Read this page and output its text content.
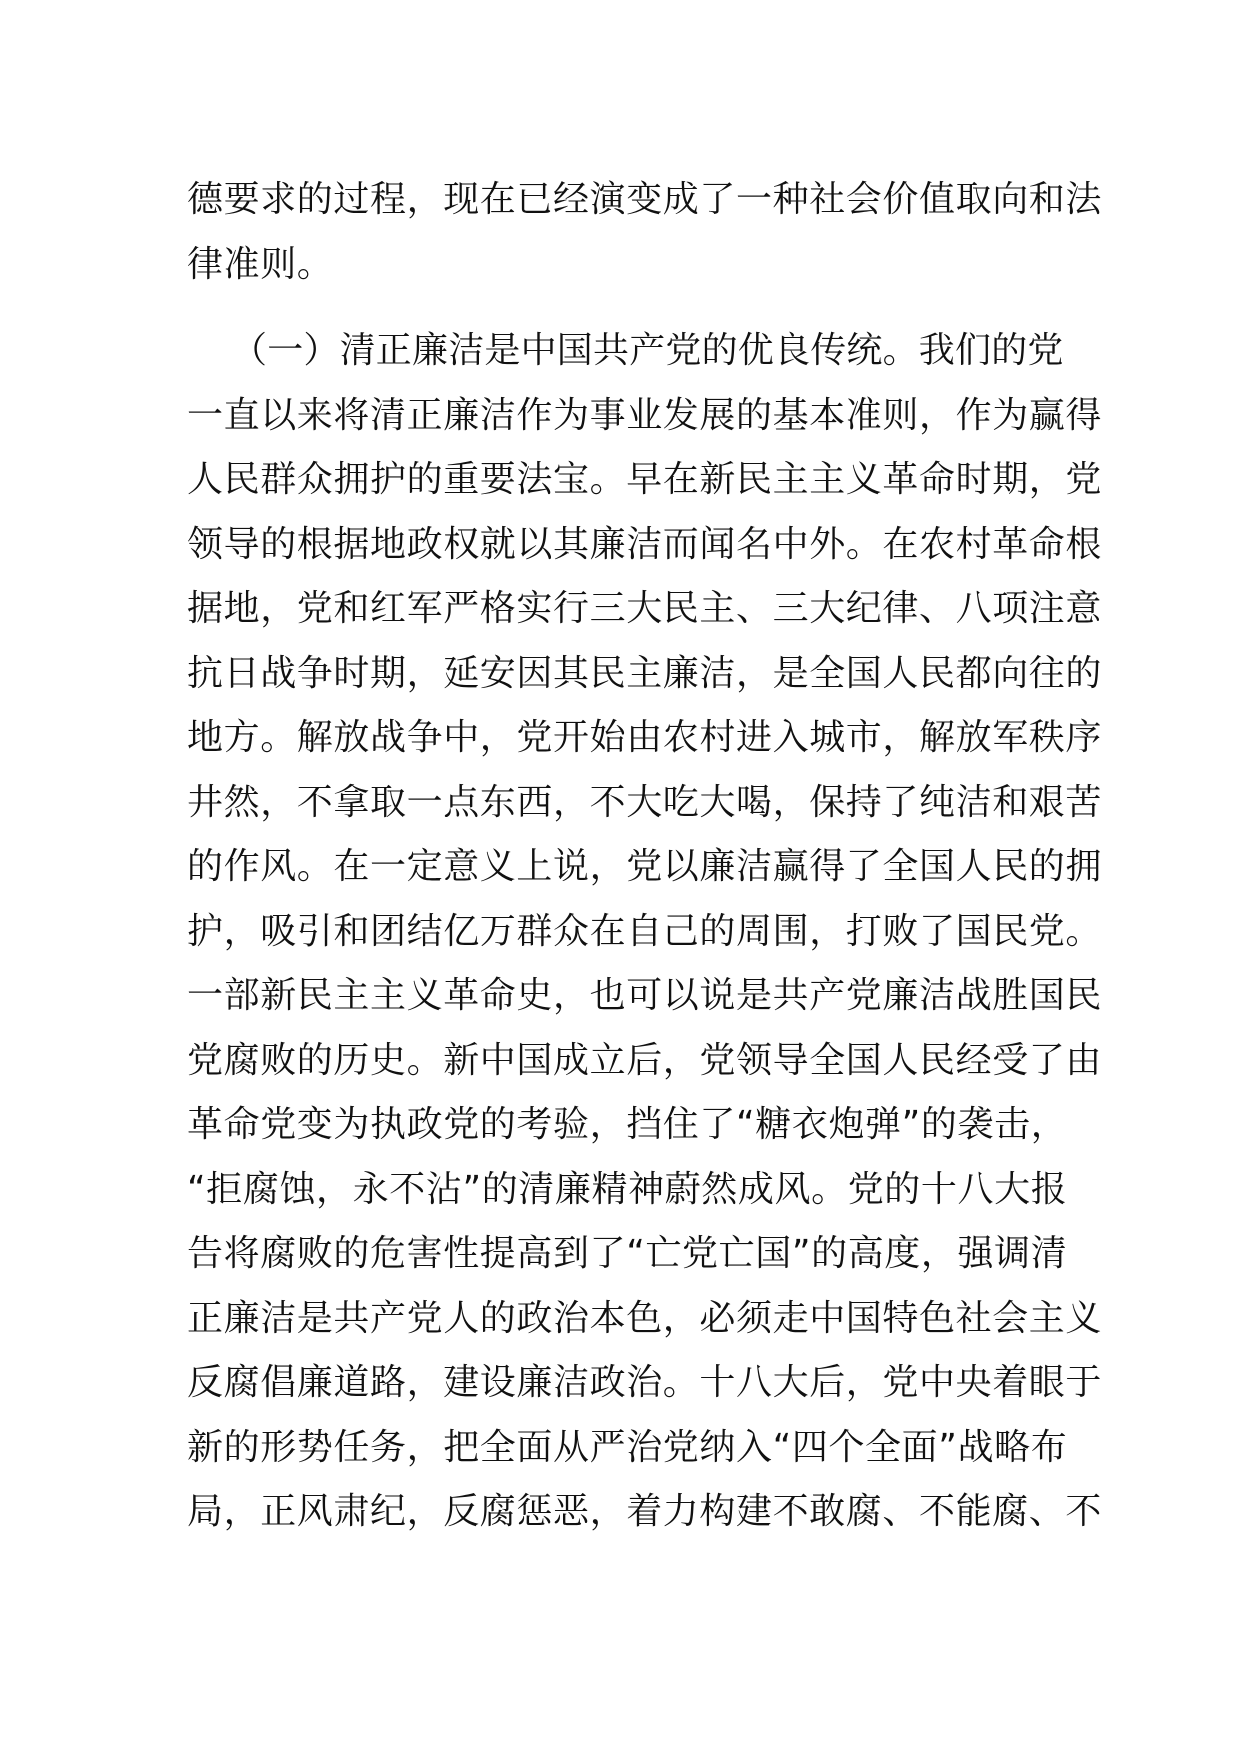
德要求的过程，现在已经演变成了一种社会价值取向和法
律准则。
（一）清正廉洁是中国共产党的优良传统。我们的党
一直以来将清正廉洁作为事业发展的基本准则，作为赢得
人民群众拥护的重要法宝。早在新民主主义革命时期，党
领导的根据地政权就以其廉洁而闻名中外。在农村革命根
据地，党和红军严格实行三大民主、三大纪律、八项注意
抗日战争时期，延安因其民主廉洁，是全国人民都向往的
地方。解放战争中，党开始由农村进入城市，解放军秩序
井然，不拿取一点东西，不大吃大喝，保持了纯洁和艰苦
的作风。在一定意义上说，党以廉洁赢得了全国人民的拥
护，吸引和团结亿万群众在自己的周围，打败了国民党。
一部新民主主义革命史，也可以说是共产党廉洁战胜国民
党腐败的历史。新中国成立后，党领导全国人民经受了由
革命党变为执政党的考验，挡住了“糖衣炮弹”的袭击，
“拒腐蚀，永不沾”的清廉精神蔚然成风。党的十八大报
告将腐败的危害性提高到了“亡党亡国”的高度，强调清
正廉洁是共产党人的政治本色，必须走中国特色社会主义
反腐倡廉道路，建设廉洁政治。十八大后，党中央着眼于
新的形势任务，把全面从严治党纳入“四个全面”战略布
局，正风肃纪，反腐惩恶，着力构建不敢腐、不能腐、不
